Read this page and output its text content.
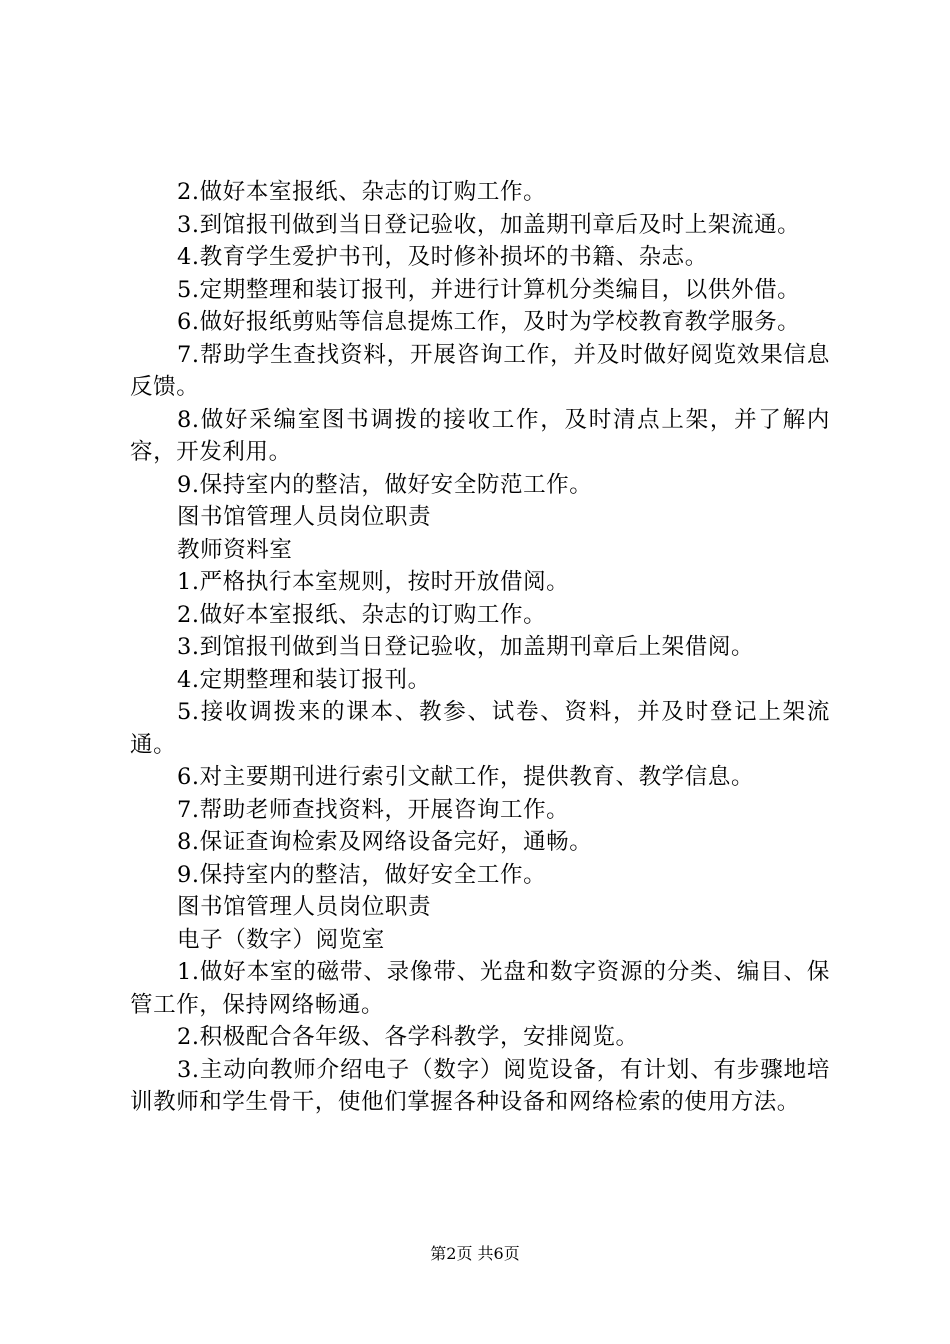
2.做好本室报纸、杂志的订购工作。

3.到馆报刊做到当日登记验收，加盖期刊章后及时上架流通。

4.教育学生爱护书刊，及时修补损坏的书籍、杂志。

5.定期整理和装订报刊，并进行计算机分类编目，以供外借。

6.做好报纸剪贴等信息提炼工作，及时为学校教育教学服务。

7.帮助学生查找资料，开展咨询工作，并及时做好阅览效果信息反馈。

8.做好采编室图书调拨的接收工作，及时清点上架，并了解内容，开发利用。

9.保持室内的整洁，做好安全防范工作。

图书馆管理人员岗位职责

教师资料室

1.严格执行本室规则，按时开放借阅。

2.做好本室报纸、杂志的订购工作。

3.到馆报刊做到当日登记验收，加盖期刊章后上架借阅。

4.定期整理和装订报刊。

5.接收调拨来的课本、教参、试卷、资料，并及时登记上架流通。

6.对主要期刊进行索引文献工作，提供教育、教学信息。

7.帮助老师查找资料，开展咨询工作。

8.保证查询检索及网络设备完好，通畅。

9.保持室内的整洁，做好安全工作。

图书馆管理人员岗位职责

电子（数字）阅览室

1.做好本室的磁带、录像带、光盘和数字资源的分类、编目、保管工作，保持网络畅通。

2.积极配合各年级、各学科教学，安排阅览。

3.主动向教师介绍电子（数字）阅览设备，有计划、有步骤地培训教师和学生骨干，使他们掌握各种设备和网络检索的使用方法。

第2页 共6页
